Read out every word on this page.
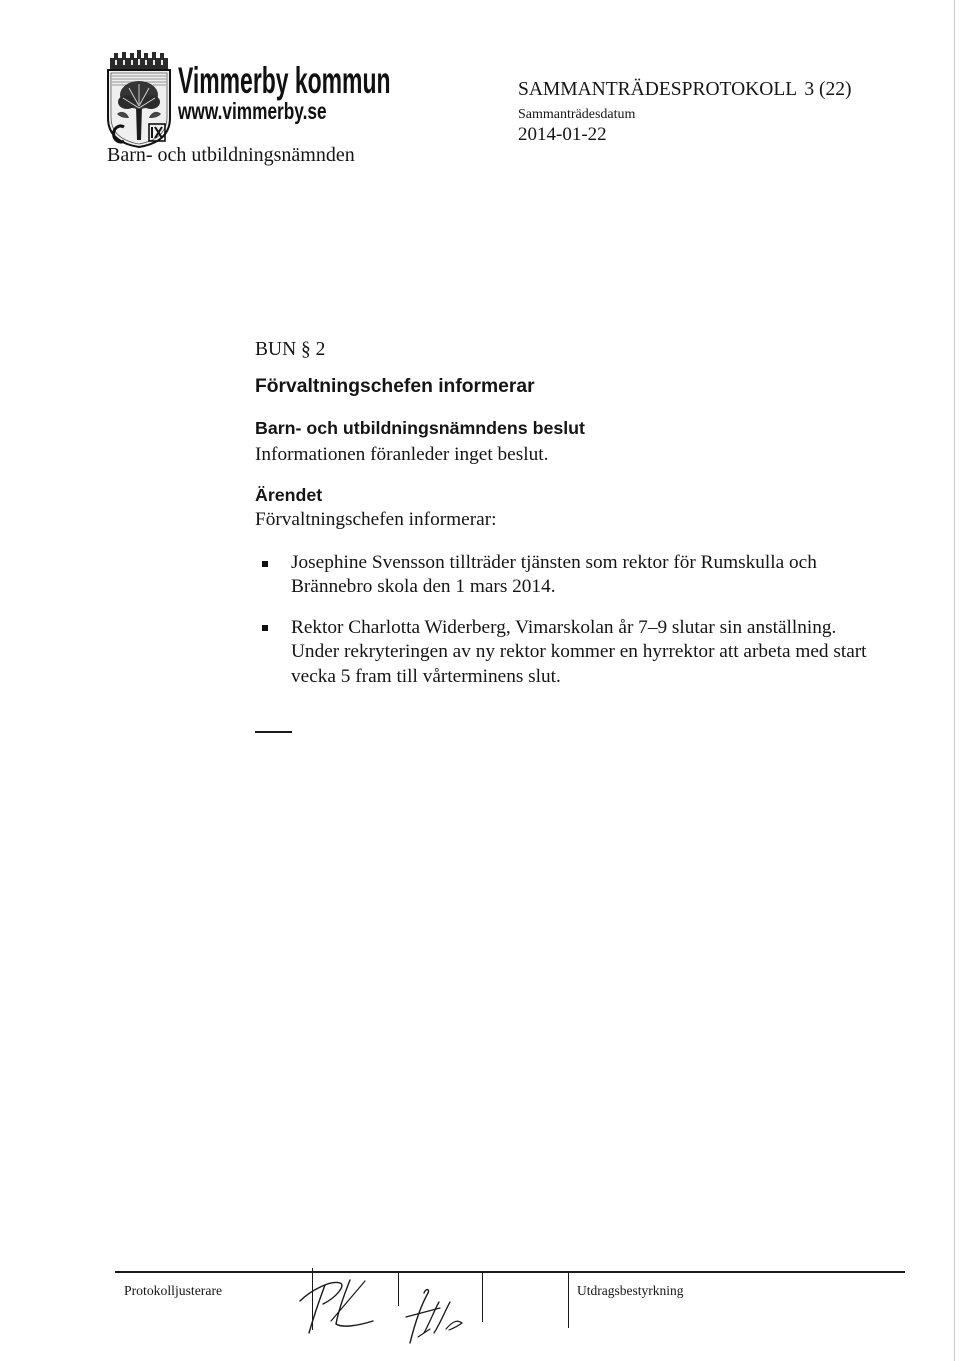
Vimmerby kommun
www.vimmerby.se
Barn- och utbildningsnämnden
SAMMANTRÄDESPROTOKOLL 3 (22)
Sammanträdesdatum
2014-01-22
BUN § 2
Förvaltningschefen informerar
Barn- och utbildningsnämndens beslut
Informationen föranleder inget beslut.
Ärendet
Förvaltningschefen informerar:
Josephine Svensson tillträder tjänsten som rektor för Rumskulla och
Brännebro skola den 1 mars 2014.
Rektor Charlotta Widerberg, Vimarskolan år 7–9 slutar sin anställning.
Under rekryteringen av ny rektor kommer en hyrrektor att arbeta med start
vecka 5 fram till vårterminens slut.
Protokolljusterare	Utdragsbestyrkning
